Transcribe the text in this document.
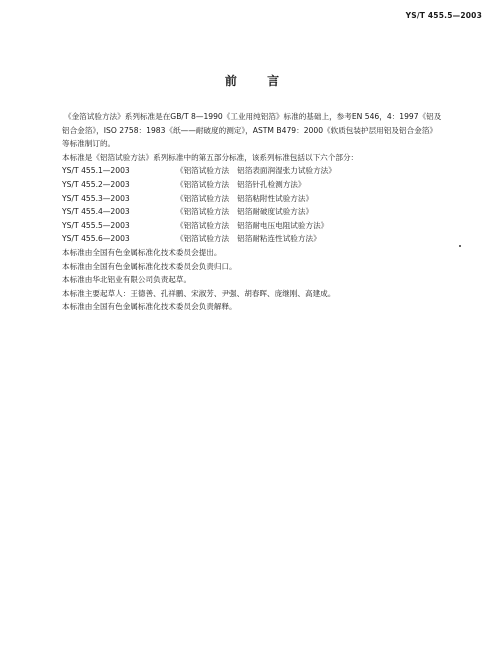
YS/T 455.5—2003
前 言

《金箔试验方法》系列标准是在GB/T 8—1990《工业用纯铝箔》标准的基础上，参考EN 546，4：1997《铝及铝合金箔》，ISO 2758：1983《纸——耐破度的测定》，ASTM B479：2000《软质包装护层用铝及铝合金箔》等标准制订的。

本标准是《铝箔试验方法》系列标准中的第五部分标准，该系列标准包括以下六个部分：

YS/T 455.1—2003	《铝箔试验方法 铝箔表面润湿张力试验方法》
YS/T 455.2—2003	《铝箔试验方法 铝箔针孔检测方法》
YS/T 455.3—2003	《铝箔试验方法 铝箔粘附性试验方法》
YS/T 455.4—2003	《铝箔试验方法 铝箔耐破度试验方法》
YS/T 455.5—2003	《铝箔试验方法 铝箔耐电压电阻试验方法》
YS/T 455.6—2003	《铝箔试验方法 铝箔耐粘连性试验方法》

本标准由全国有色金属标准化技术委员会提出。

本标准由全国有色金属标准化技术委员会负责归口。

本标准由华北铝业有限公司负责起草。

本标准主要起草人：王德善、孔祥鹏、宋淑芳、尹强、胡春晖、庞继刚、高建成。

本标准由全国有色金属标准化技术委员会负责解释。
